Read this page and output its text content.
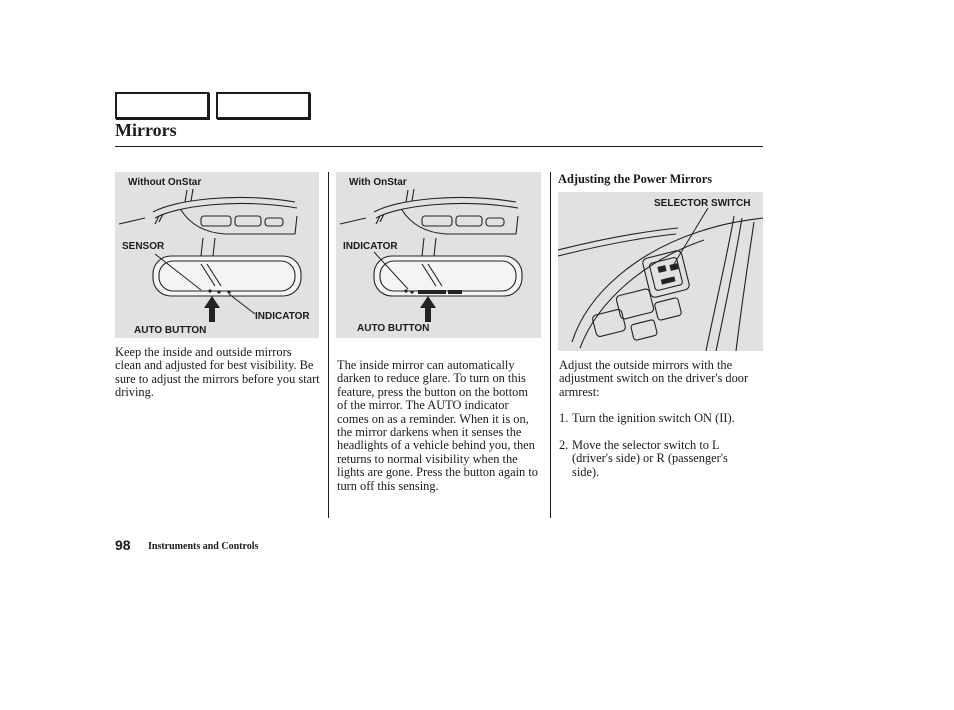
Mirrors
Without OnStar
SENSOR
INDICATOR
AUTO BUTTON
With OnStar
INDICATOR
AUTO BUTTON
SELECTOR SWITCH
Keep the inside and outside mirrors clean and adjusted for best visibility. Be sure to adjust the mirrors before you start driving.
The inside mirror can automatically darken to reduce glare. To turn on this feature, press the button on the bottom of the mirror. The AUTO indicator comes on as a reminder. When it is on, the mirror darkens when it senses the headlights of a vehicle behind you, then returns to normal visibility when the lights are gone. Press the button again to turn off this sensing.
Adjusting the Power Mirrors
Adjust the outside mirrors with the adjustment switch on the driver's door armrest:
1. Turn the ignition switch ON (II).
2. Move the selector switch to L (driver's side) or R (passenger's side).
98 Instruments and Controls
